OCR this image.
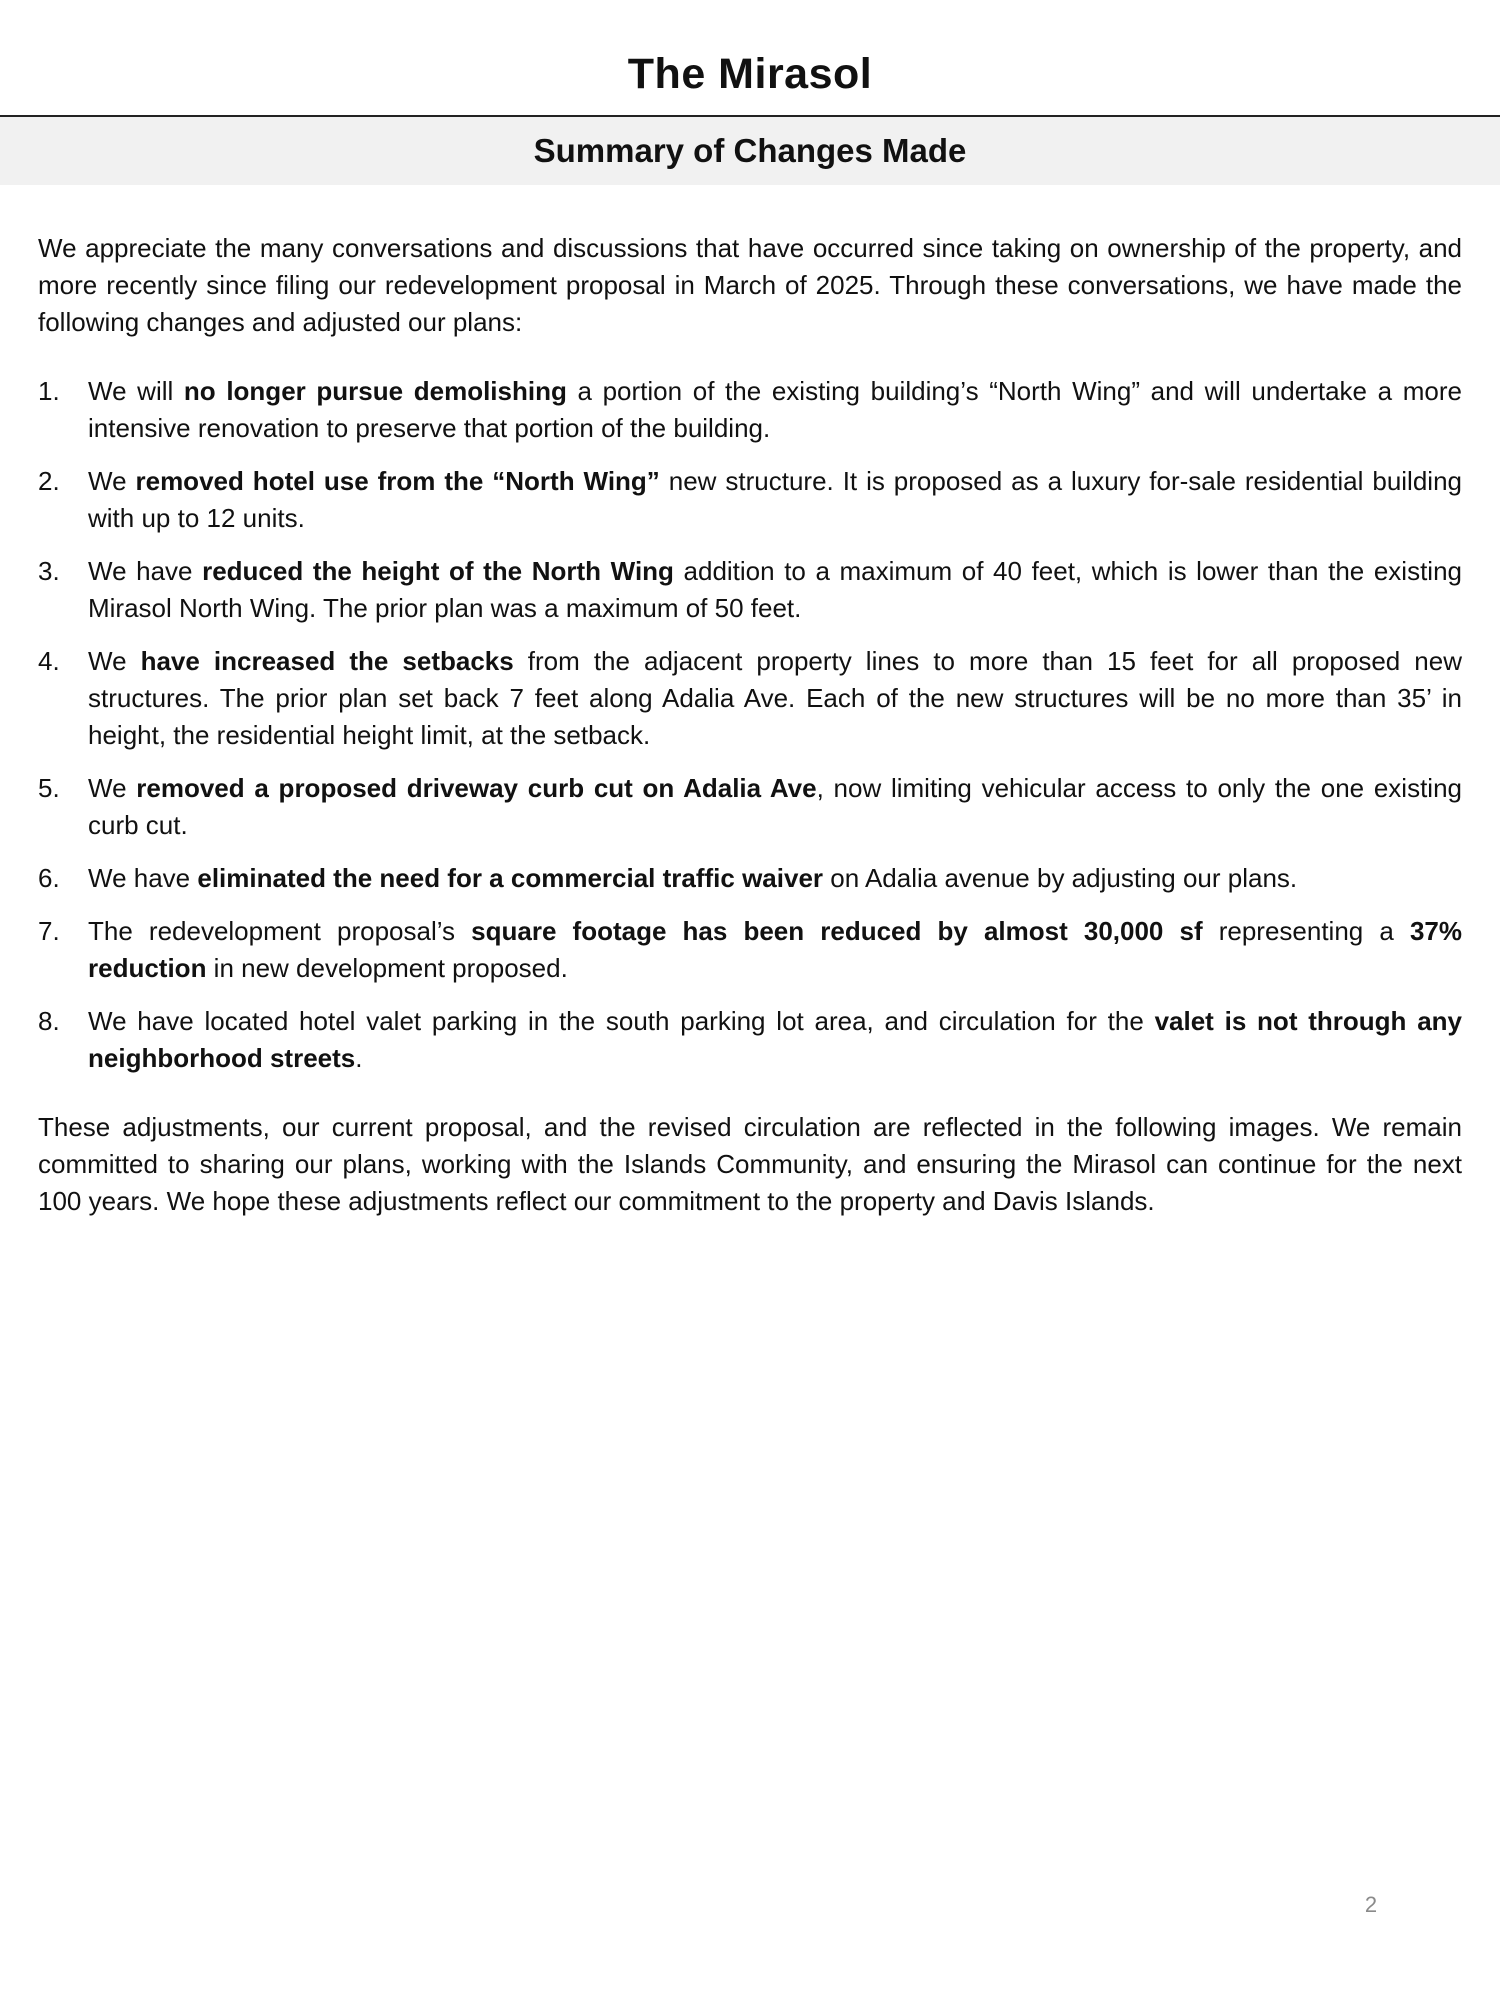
The Mirasol
Summary of Changes Made

We appreciate the many conversations and discussions that have occurred since taking on ownership of the property, and more recently since filing our redevelopment proposal in March of 2025. Through these conversations, we have made the following changes and adjusted our plans:

1. We will no longer pursue demolishing a portion of the existing building’s “North Wing” and will undertake a more intensive renovation to preserve that portion of the building.
2. We removed hotel use from the “North Wing” new structure. It is proposed as a luxury for-sale residential building with up to 12 units.
3. We have reduced the height of the North Wing addition to a maximum of 40 feet, which is lower than the existing Mirasol North Wing. The prior plan was a maximum of 50 feet.
4. We have increased the setbacks from the adjacent property lines to more than 15 feet for all proposed new structures. The prior plan set back 7 feet along Adalia Ave. Each of the new structures will be no more than 35’ in height, the residential height limit, at the setback.
5. We removed a proposed driveway curb cut on Adalia Ave, now limiting vehicular access to only the one existing curb cut.
6. We have eliminated the need for a commercial traffic waiver on Adalia avenue by adjusting our plans.
7. The redevelopment proposal’s square footage has been reduced by almost 30,000 sf representing a 37% reduction in new development proposed.
8. We have located hotel valet parking in the south parking lot area, and circulation for the valet is not through any neighborhood streets.

These adjustments, our current proposal, and the revised circulation are reflected in the following images. We remain committed to sharing our plans, working with the Islands Community, and ensuring the Mirasol can continue for the next 100 years. We hope these adjustments reflect our commitment to the property and Davis Islands.

2
